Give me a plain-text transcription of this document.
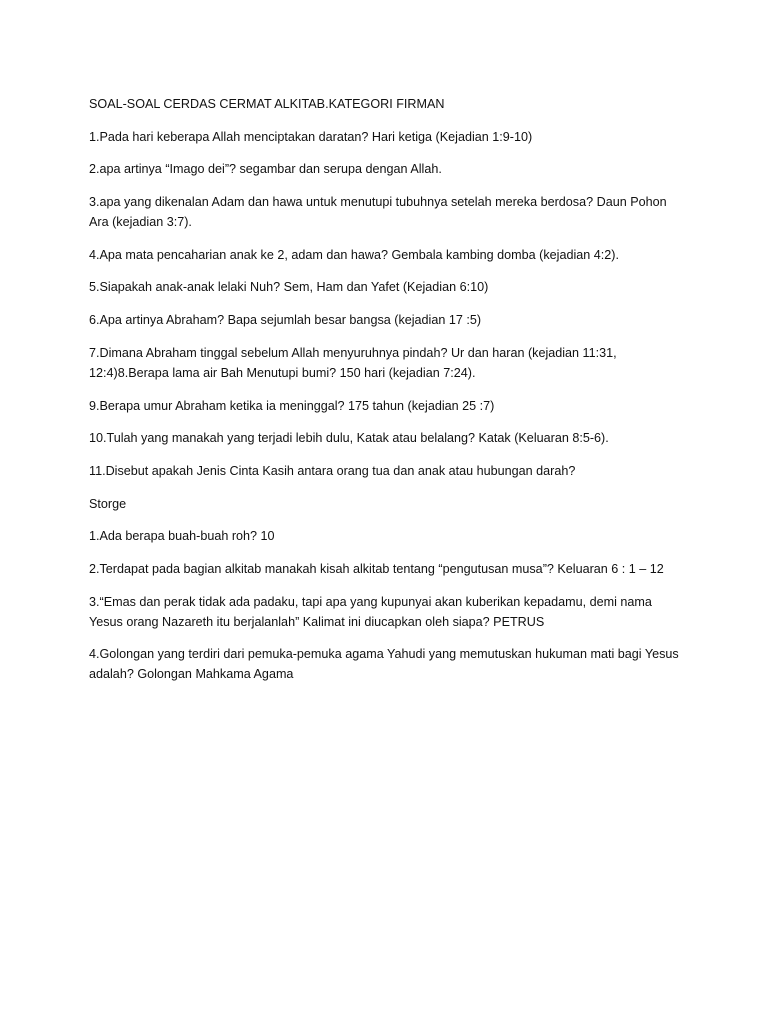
SOAL-SOAL CERDAS CERMAT ALKITAB.KATEGORI FIRMAN

1.Pada hari keberapa Allah menciptakan daratan? Hari ketiga (Kejadian 1:9-10)

2.apa artinya “Imago dei”? segambar dan serupa dengan Allah.

3.apa yang dikenalan Adam dan hawa untuk menutupi tubuhnya setelah mereka berdosa? Daun Pohon Ara (kejadian 3:7).

4.Apa mata pencaharian anak ke 2, adam dan hawa? Gembala kambing domba (kejadian 4:2).

5.Siapakah anak-anak lelaki Nuh? Sem, Ham dan Yafet (Kejadian 6:10)

6.Apa artinya Abraham? Bapa sejumlah besar bangsa (kejadian 17 :5)

7.Dimana Abraham tinggal sebelum Allah menyuruhnya pindah? Ur dan haran (kejadian 11:31, 12:4)8.Berapa lama air Bah Menutupi bumi? 150 hari (kejadian 7:24).

9.Berapa umur Abraham ketika ia meninggal? 175 tahun (kejadian 25 :7)

10.Tulah yang manakah yang terjadi lebih dulu, Katak atau belalang? Katak (Keluaran 8:5-6).

11.Disebut apakah Jenis Cinta Kasih antara orang tua dan anak atau hubungan darah?

Storge

1.Ada berapa buah-buah roh? 10

2.Terdapat pada bagian alkitab manakah kisah alkitab tentang “pengutusan musa”? Keluaran 6 : 1 – 12

3.“Emas dan perak tidak ada padaku, tapi apa yang kupunyai akan kuberikan kepadamu, demi nama Yesus orang Nazareth itu berjalanlah” Kalimat ini diucapkan oleh siapa? PETRUS

4.Golongan yang terdiri dari pemuka-pemuka agama Yahudi yang memutuskan hukuman mati bagi Yesus adalah? Golongan Mahkama Agama
